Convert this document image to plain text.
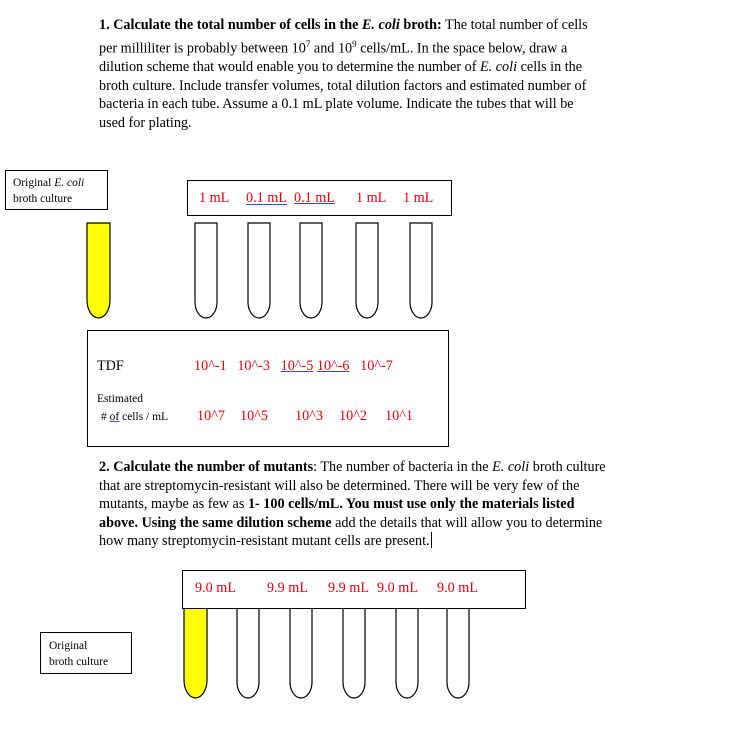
1. Calculate the total number of cells in the E. coli broth: The total number of cells

per milliliter is probably between $10^7$ and $10^9$ cells/mL. In the space below, draw a

dilution scheme that would enable you to determine the number of E. coli cells in the

broth culture. Include transfer volumes, total dilution factors and estimated number of

bacteria in each tube. Assume a 0.1 mL plate volume. Indicate the tubes that will be

used for plating.

Original E. coli
broth culture	1 mL 0.1 mL 0.1 mL 1 mL 1 mL
TDF	10^-1 10^-3 10^-5 10^-6 10^-7
Estimated
# of cells / mL 10^7 10^5 10^3 10^2 10^1

2. Calculate the number of mutants: The number of bacteria in the E. coli broth culture

that are streptomycin-resistant will also be determined. There will be very few of the

mutants, maybe as few as 1- 100 cells/mL. You must use only the materials listed

above. Using the same dilution scheme add the details that will allow you to determine

how many streptomycin-resistant mutant cells are present.

9.0 mL 9.9 mL 9.9 mL 9.0 mL 9.0 mL
Original
broth culture
